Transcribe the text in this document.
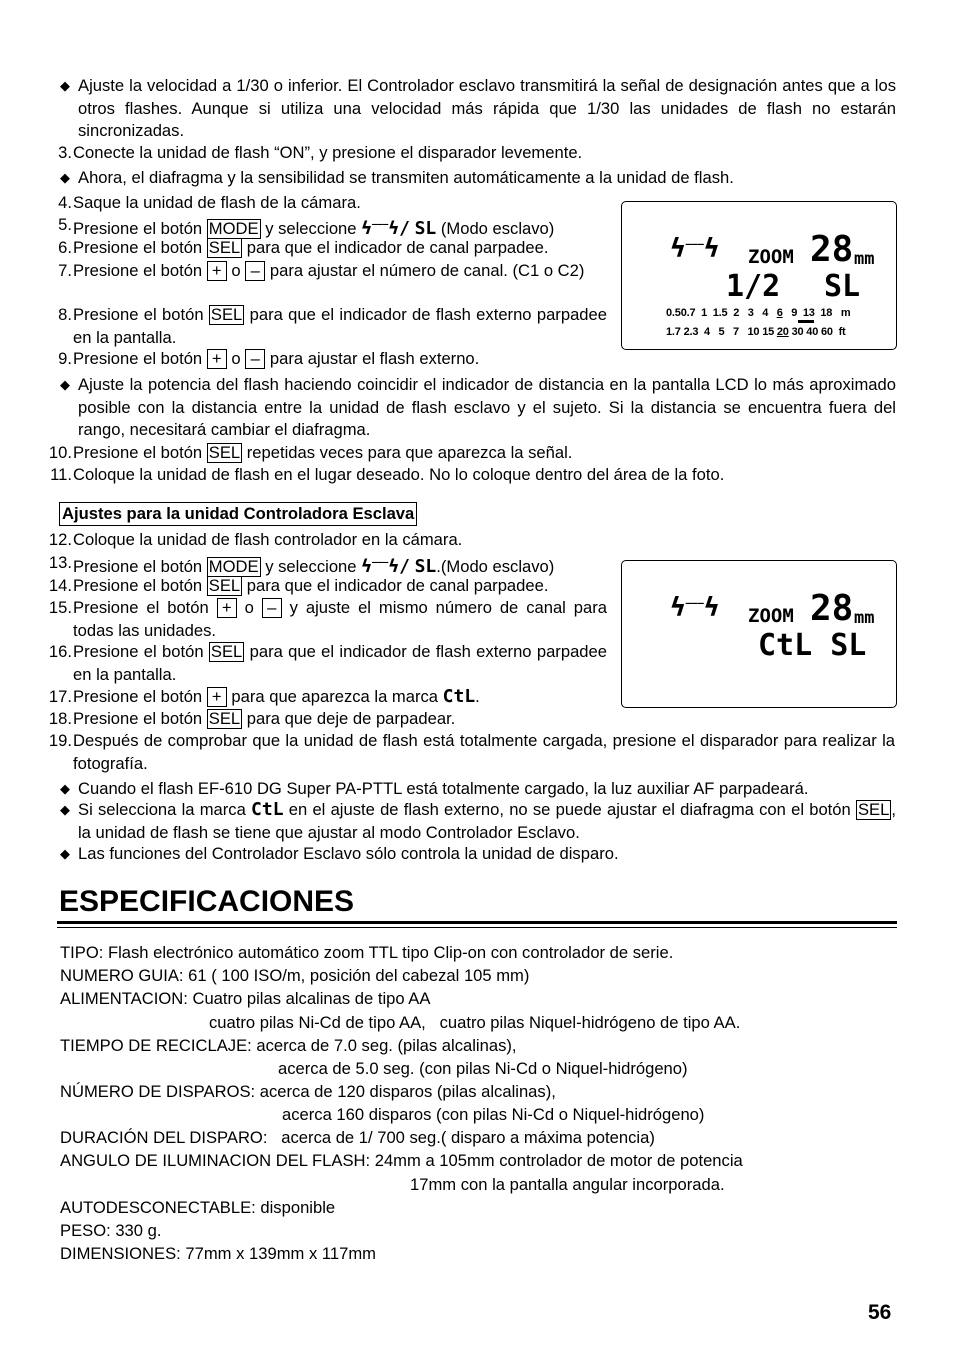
◆ Ajuste la velocidad a 1/30 o inferior. El Controlador esclavo transmitirá la señal de designación antes que a los otros flashes. Aunque si utiliza una velocidad más rápida que 1/30 las unidades de flash no estarán sincronizadas.
3. Conecte la unidad de flash “ON”, y presione el disparador levemente.
◆ Ahora, el diafragma y la sensibilidad se transmiten automáticamente a la unidad de flash.
4. Saque la unidad de flash de la cámara.
5. Presione el botón MODE y seleccione ϟ‒‒‒ϟ/ SL (Modo esclavo)
6. Presione el botón SEL para que el indicador de canal parpadee.
7. Presione el botón + o – para ajustar el número de canal. (C1 o C2)
8. Presione el botón SEL para que el indicador de flash externo parpadee en la pantalla.
9. Presione el botón + o – para ajustar el flash externo.
ϟ‒‒‒ϟ ZOOM 28 mm
1/2 SL
0.50.7 1 1.5 2 3 4 6 9 13 18 m
1.7 2.3 4 5 7 10 15 20 30 40 60 ft
◆ Ajuste la potencia del flash haciendo coincidir el indicador de distancia en la pantalla LCD lo más aproximado posible con la distancia entre la unidad de flash esclavo y el sujeto. Si la distancia se encuentra fuera del rango, necesitará cambiar el diafragma.
10. Presione el botón SEL repetidas veces para que aparezca la señal.
11. Coloque la unidad de flash en el lugar deseado. No lo coloque dentro del área de la foto.
Ajustes para la unidad Controladora Esclava
12. Coloque la unidad de flash controlador en la cámara.
13. Presione el botón MODE y seleccione ϟ‒‒‒ϟ/ SL.(Modo esclavo)
14. Presione el botón SEL para que el indicador de canal parpadee.
15. Presione el botón + o – y ajuste el mismo número de canal para todas las unidades.
16. Presione el botón SEL para que el indicador de flash externo parpadee en la pantalla.
17. Presione el botón + para que aparezca la marca CtL.
18. Presione el botón SEL para que deje de parpadear.
19. Después de comprobar que la unidad de flash está totalmente cargada, presione el disparador para realizar la fotografía.
ϟ‒‒‒ϟ ZOOM 28 mm
CtL SL
◆ Cuando el flash EF-610 DG Super PA-PTTL está totalmente cargado, la luz auxiliar AF parpadeará.
◆ Si selecciona la marca CtL en el ajuste de flash externo, no se puede ajustar el diafragma con el botón SEL , la unidad de flash se tiene que ajustar al modo Controlador Esclavo.
◆ Las funciones del Controlador Esclavo sólo controla la unidad de disparo.
ESPECIFICACIONES
TIPO: Flash electrónico automático zoom TTL tipo Clip-on con controlador de serie.
NUMERO GUIA: 61 ( 100 ISO/m, posición del cabezal 105 mm)
ALIMENTACION: Cuatro pilas alcalinas de tipo AA
cuatro pilas Ni-Cd de tipo AA,   cuatro pilas Niquel-hidrógeno de tipo AA.
TIEMPO DE RECICLAJE: acerca de 7.0 seg. (pilas alcalinas),
acerca de 5.0 seg. (con pilas Ni-Cd o Niquel-hidrógeno)
NÚMERO DE DISPAROS: acerca de 120 disparos (pilas alcalinas),
acerca 160 disparos (con pilas Ni-Cd o Niquel-hidrógeno)
DURACIÓN DEL DISPARO:   acerca de 1/ 700 seg.( disparo a máxima potencia)
ANGULO DE ILUMINACION DEL FLASH: 24mm a 105mm controlador de motor de potencia
17mm con la pantalla angular incorporada.
AUTODESCONECTABLE: disponible
PESO: 330 g.
DIMENSIONES: 77mm x 139mm x 117mm
56
